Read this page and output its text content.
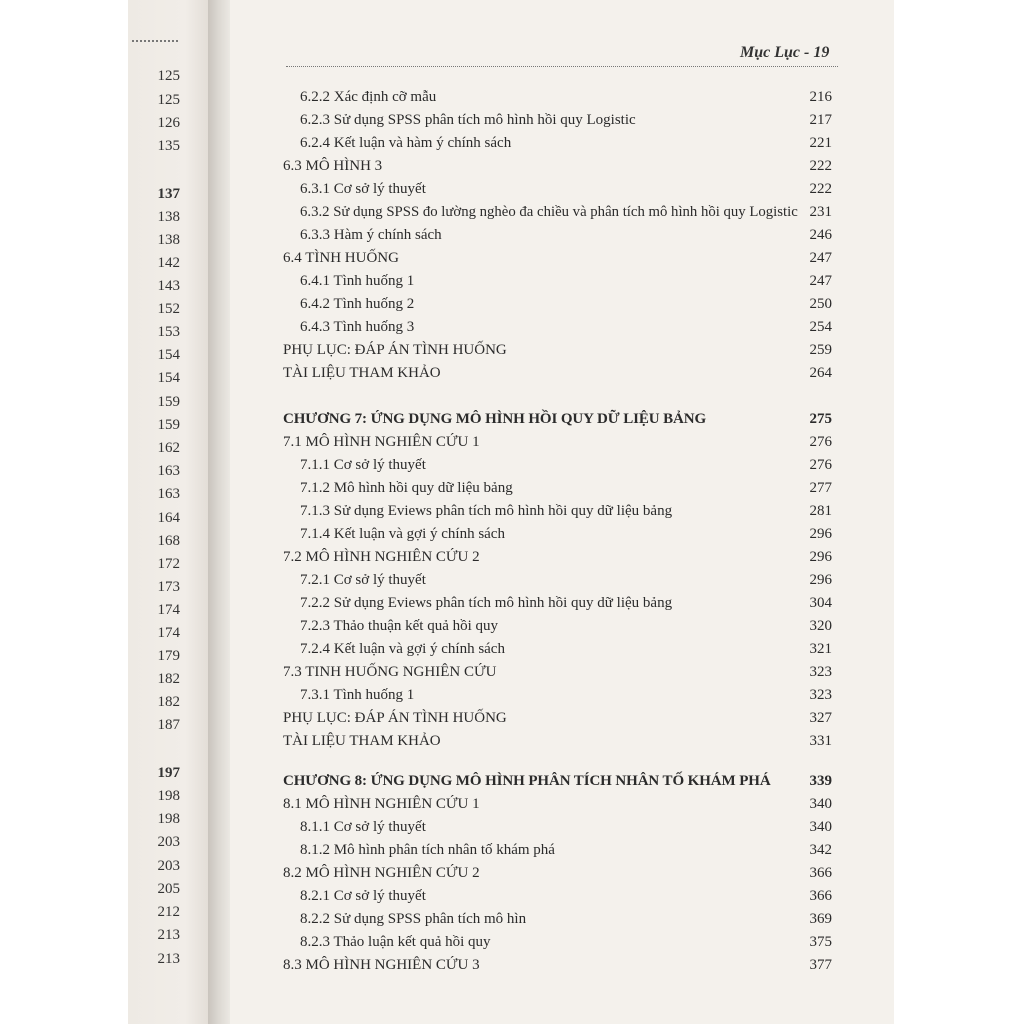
125
125
126
135
137
138
138
142
143
152
153
154
154
159
159
162
163
163
164
168
172
173
174
174
179
182
182
187
197
198
198
203
203
205
212
213
213
Mục Lục - 19
6.2.2 Xác định cỡ mẫu	216
6.2.3 Sử dụng SPSS phân tích mô hình hồi quy Logistic	217
6.2.4 Kết luận và hàm ý chính sách	221
6.3 MÔ HÌNH 3	222
6.3.1 Cơ sở lý thuyết	222
6.3.2 Sử dụng SPSS đo lường nghèo đa chiều và phân tích mô hình hồi quy Logistic 231
6.3.3 Hàm ý chính sách	246
6.4 TÌNH HUỐNG	247
6.4.1 Tình huống 1	247
6.4.2 Tình huống 2	250
6.4.3 Tình huống 3	254
PHỤ LỤC: ĐÁP ÁN TÌNH HUỐNG	259
TÀI LIỆU THAM KHẢO	264
CHƯƠNG 7: ỨNG DỤNG MÔ HÌNH HỒI QUY DỮ LIỆU BẢNG	275
7.1 MÔ HÌNH NGHIÊN CỨU 1	276
7.1.1 Cơ sở lý thuyết	276
7.1.2 Mô hình hồi quy dữ liệu bảng	277
7.1.3 Sử dụng Eviews phân tích mô hình hồi quy dữ liệu bảng	281
7.1.4 Kết luận và gợi ý chính sách	296
7.2 MÔ HÌNH NGHIÊN CỨU 2	296
7.2.1 Cơ sở lý thuyết	296
7.2.2 Sử dụng Eviews phân tích mô hình hồi quy dữ liệu bảng	304
7.2.3 Thảo thuận kết quả hồi quy	320
7.2.4 Kết luận và gợi ý chính sách	321
7.3 TINH HUỐNG NGHIÊN CỨU	323
7.3.1 Tình huống 1	323
PHỤ LỤC: ĐÁP ÁN TÌNH HUỐNG	327
TÀI LIỆU THAM KHẢO	331
CHƯƠNG 8: ỨNG DỤNG MÔ HÌNH PHÂN TÍCH NHÂN TỐ KHÁM PHÁ	339
8.1 MÔ HÌNH NGHIÊN CỨU 1	340
8.1.1 Cơ sở lý thuyết	340
8.1.2 Mô hình phân tích nhân tố khám phá	342
8.2 MÔ HÌNH NGHIÊN CỨU 2	366
8.2.1 Cơ sở lý thuyết	366
8.2.2 Sử dụng SPSS phân tích mô hìn	369
8.2.3 Thảo luận kết quả hồi quy	375
8.3 MÔ HÌNH NGHIÊN CỨU 3	377
